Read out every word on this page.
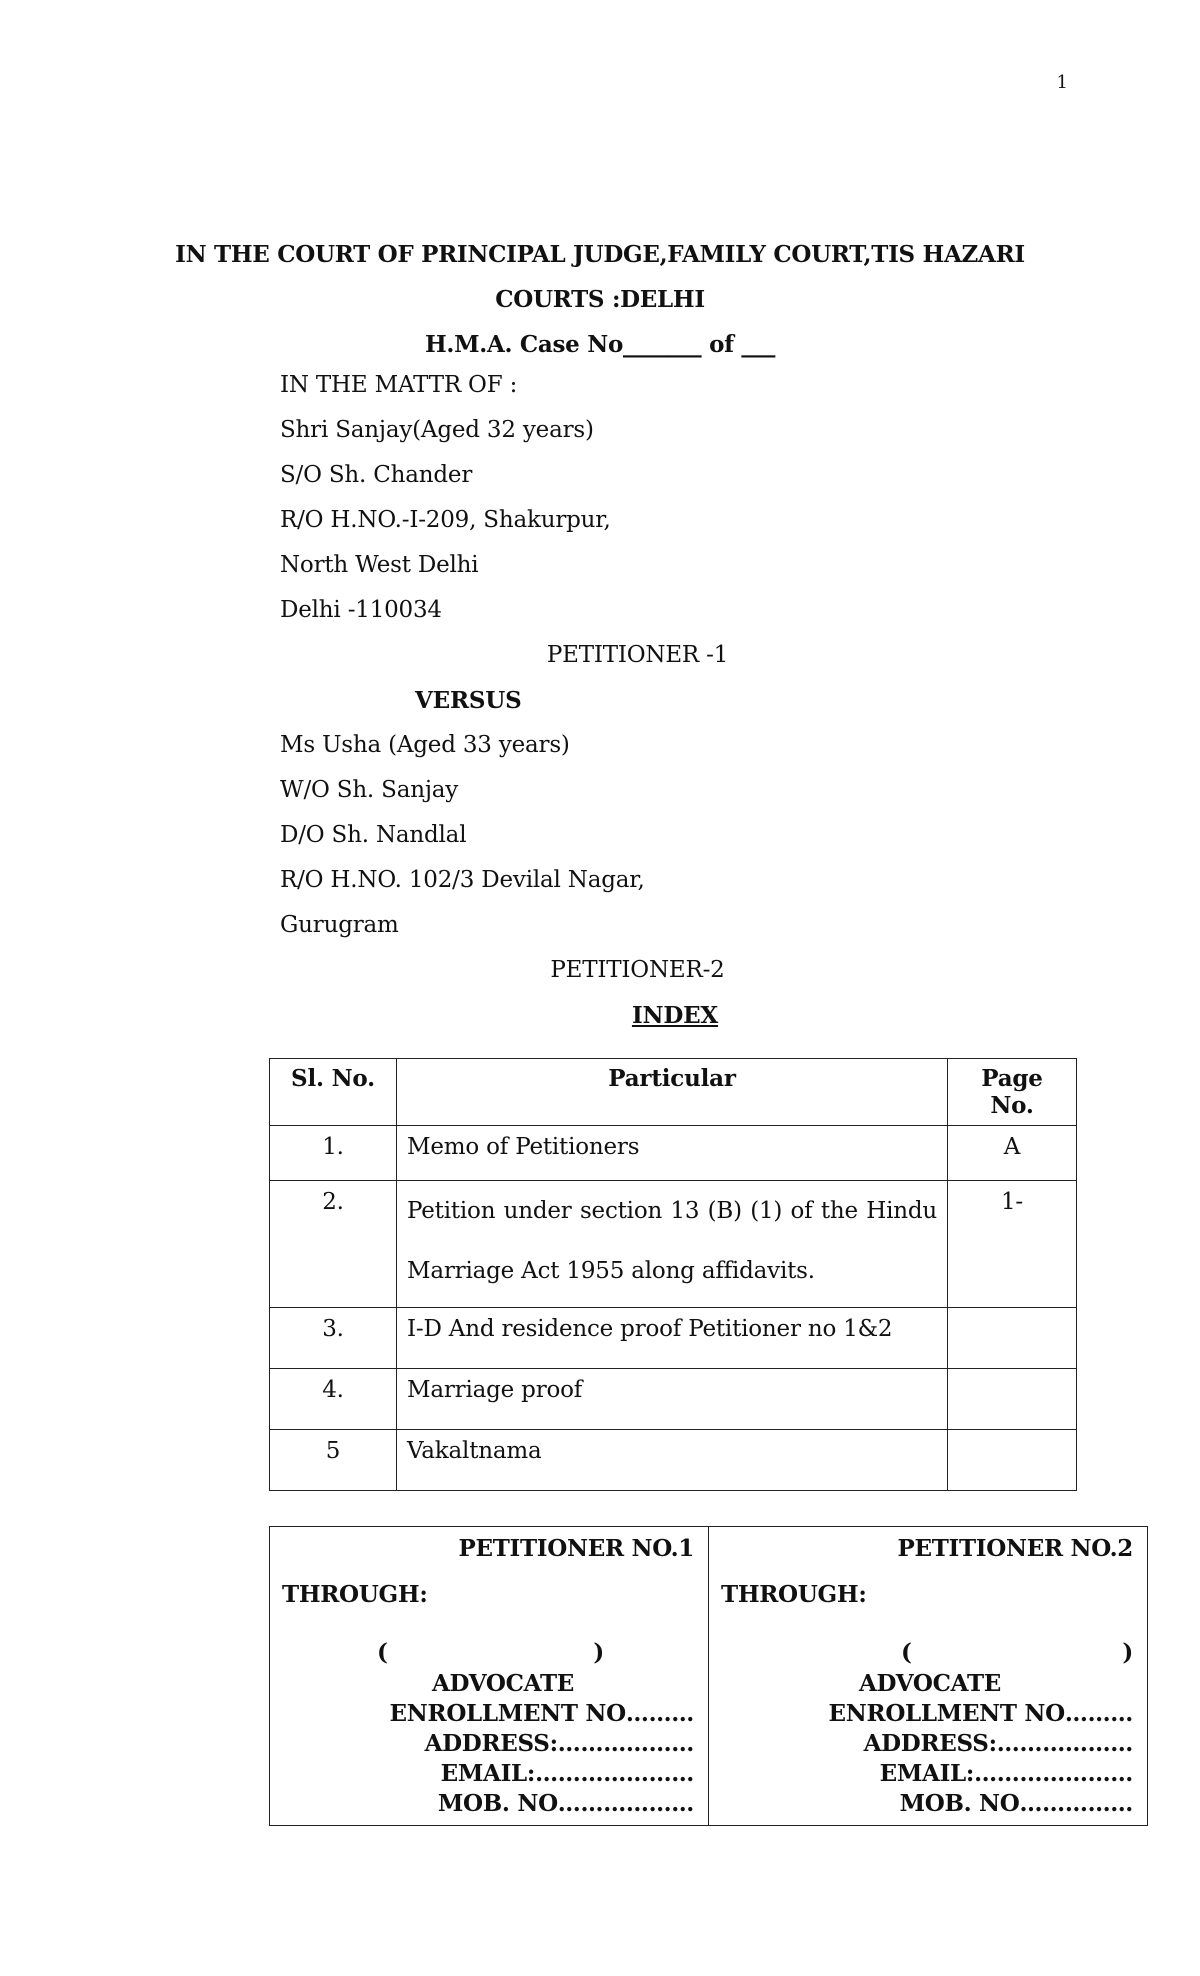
1
IN THE COURT OF PRINCIPAL JUDGE,FAMILY COURT,TIS HAZARI
COURTS :DELHI
H.M.A. Case No_______ of ___
IN THE MATTR OF :
Shri Sanjay(Aged 32 years)
S/O Sh. Chander
R/O H.NO.-I-209, Shakurpur,
North West Delhi
Delhi -110034
PETITIONER -1
VERSUS
Ms Usha (Aged 33 years)
W/O Sh. Sanjay
D/O Sh. Nandlal
R/O H.NO. 102/3 Devilal Nagar,
Gurugram
PETITIONER-2
INDEX
Sl. No.	Particular	Page No.
1.	Memo of Petitioners	A
2.	Petition under section 13 (B) (1) of the Hindu Marriage Act 1955 along affidavits.	1-
3.	I-D And residence proof Petitioner no 1&2	
4.	Marriage proof	
5	Vakaltnama	
PETITIONER NO.1
THROUGH:
(	)
ADVOCATE
ENROLLMENT NO………
ADDRESS:………………
EMAIL:…………………
MOB. NO………………

PETITIONER NO.2
THROUGH:
(	)
ADVOCATE
ENROLLMENT NO………
ADDRESS:………………
EMAIL:…………………
MOB. NO……………
